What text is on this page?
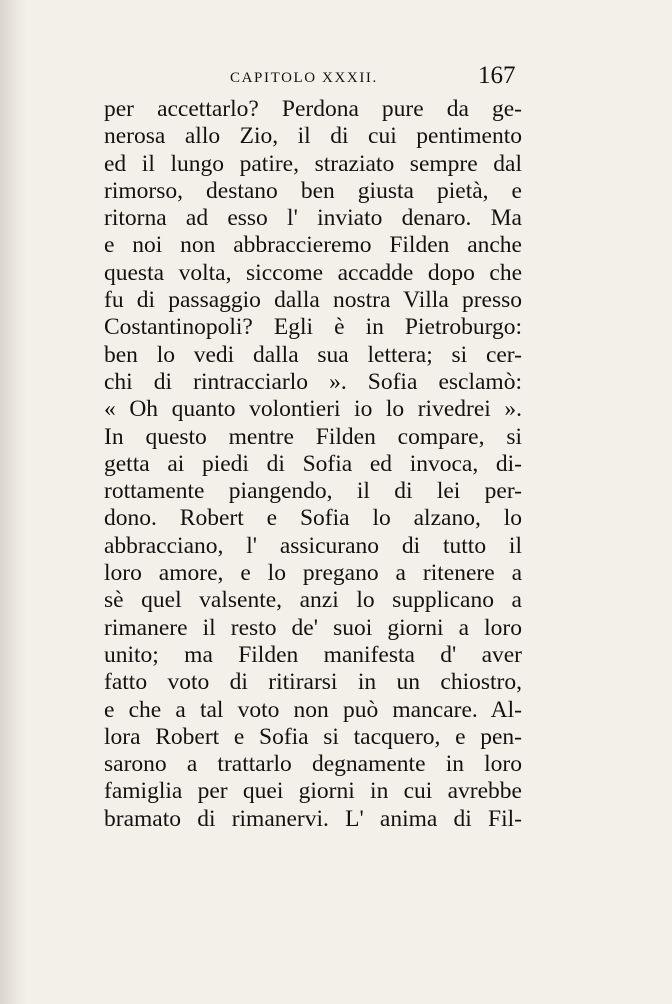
CAPITOLO XXXII.	167
per accettarlo? Perdona pure da ge-
nerosa allo Zio, il di cui pentimento
ed il lungo patire, straziato sempre dal
rimorso, destano ben giusta pietà, e
ritorna ad esso l' inviato denaro. Ma
e noi non abbraccieremo Filden anche
questa volta, siccome accadde dopo che
fu di passaggio dalla nostra Villa presso
Costantinopoli? Egli è in Pietroburgo:
ben lo vedi dalla sua lettera; si cer-
chi di rintracciarlo ». Sofia esclamò:
« Oh quanto volontieri io lo rivedrei ».
In questo mentre Filden compare, si
getta ai piedi di Sofia ed invoca, di-
rottamente piangendo, il di lei per-
dono. Robert e Sofia lo alzano, lo
abbracciano, l' assicurano di tutto il
loro amore, e lo pregano a ritenere a
sè quel valsente, anzi lo supplicano a
rimanere il resto de' suoi giorni a loro
unito; ma Filden manifesta d' aver
fatto voto di ritirarsi in un chiostro,
e che a tal voto non può mancare. Al-
lora Robert e Sofia si tacquero, e pen-
sarono a trattarlo degnamente in loro
famiglia per quei giorni in cui avrebbe
bramato di rimanervi. L' anima di Fil-
